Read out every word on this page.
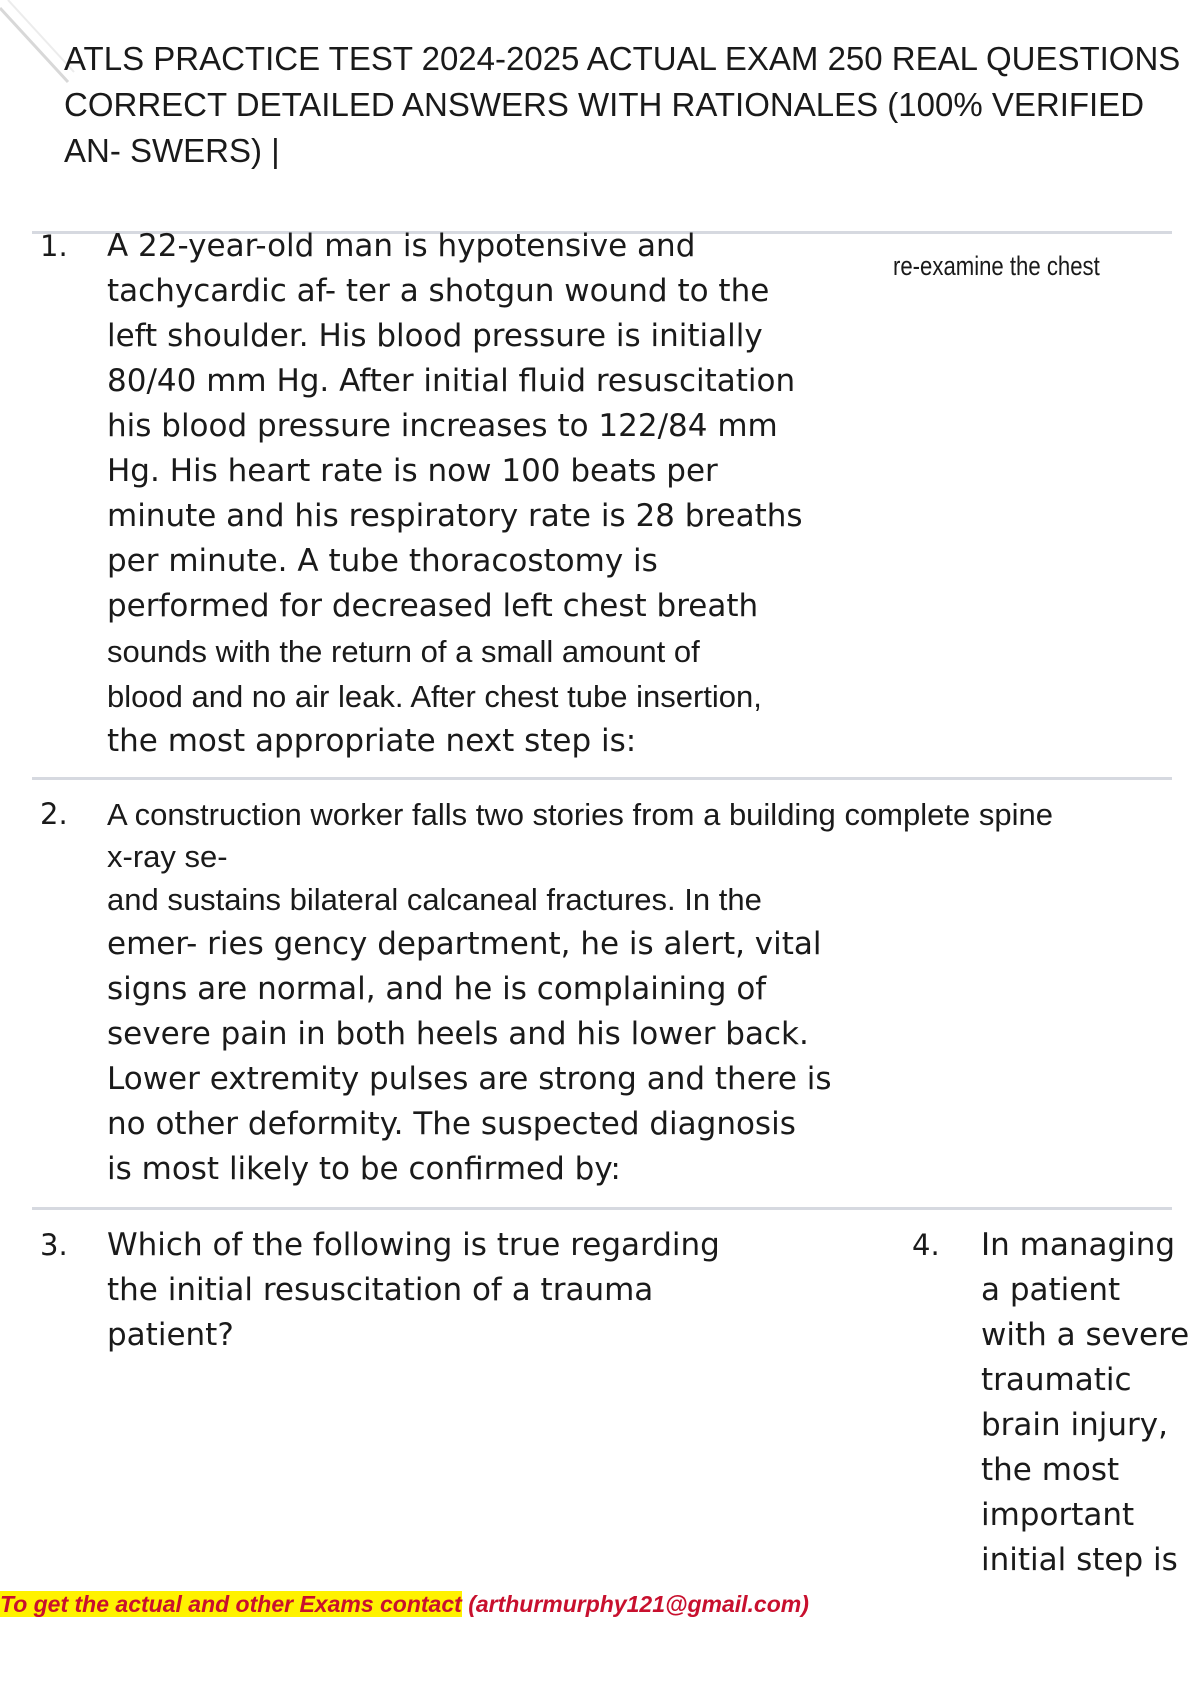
ATLS PRACTICE TEST 2024-2025 ACTUAL EXAM 250 REAL QUESTIONS
CORRECT DETAILED ANSWERS WITH RATIONALES (100% VERIFIED
AN- SWERS) |
1. A 22-year-old man is hypotensive and
tachycardic af- ter a shotgun wound to the
left shoulder. His blood pressure is initially
80/40 mm Hg. After initial fluid resuscitation
his blood pressure increases to 122/84 mm
Hg. His heart rate is now 100 beats per
minute and his respiratory rate is 28 breaths
per minute. A tube thoracostomy is
performed for decreased left chest breath
sounds with the return of a small amount of
blood and no air leak. After chest tube insertion,
the most appropriate next step is:
re-examine the chest
2. A construction worker falls two stories from a building complete spine
x-ray se-
and sustains bilateral calcaneal fractures. In the
emer- ries gency department, he is alert, vital
signs are normal, and he is complaining of
severe pain in both heels and his lower back.
Lower extremity pulses are strong and there is
no other deformity. The suspected diagnosis
is most likely to be confirmed by:
3. Which of the following is true regarding
the initial resuscitation of a trauma
patient?
4. In managing
a patient
with a severe
traumatic
brain injury,
the most
important
initial step is
To get the actual and other Exams contact (arthurmurphy121@gmail.com)
